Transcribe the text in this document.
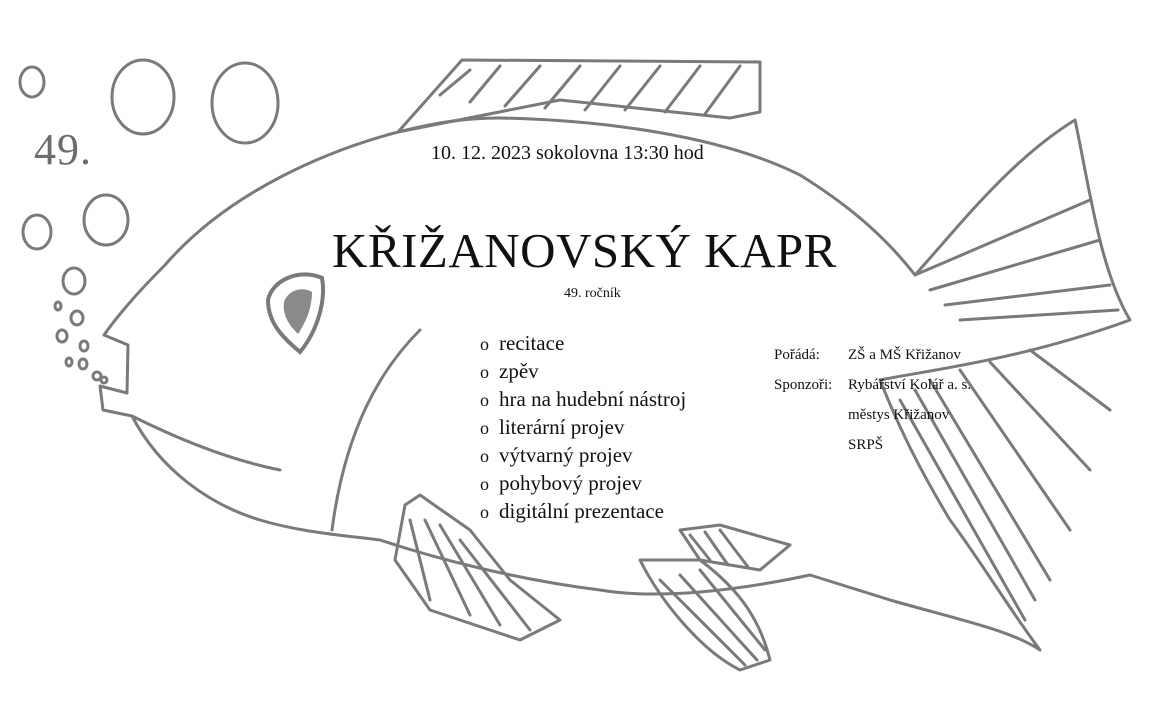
49.	10. 12. 2023 sokolovna 13:30 hod
KŘIŽANOVSKÝ KAPR
49. ročník
o recitace
o zpěv
o hra na hudební nástroj
o literární projev
o výtvarný projev
o pohybový projev
o digitální prezentace
Pořádá:	ZŠ a MŠ Křižanov
Sponzoři:	Rybářství Kolář a. s.
městys Křižanov
SRPŠ
